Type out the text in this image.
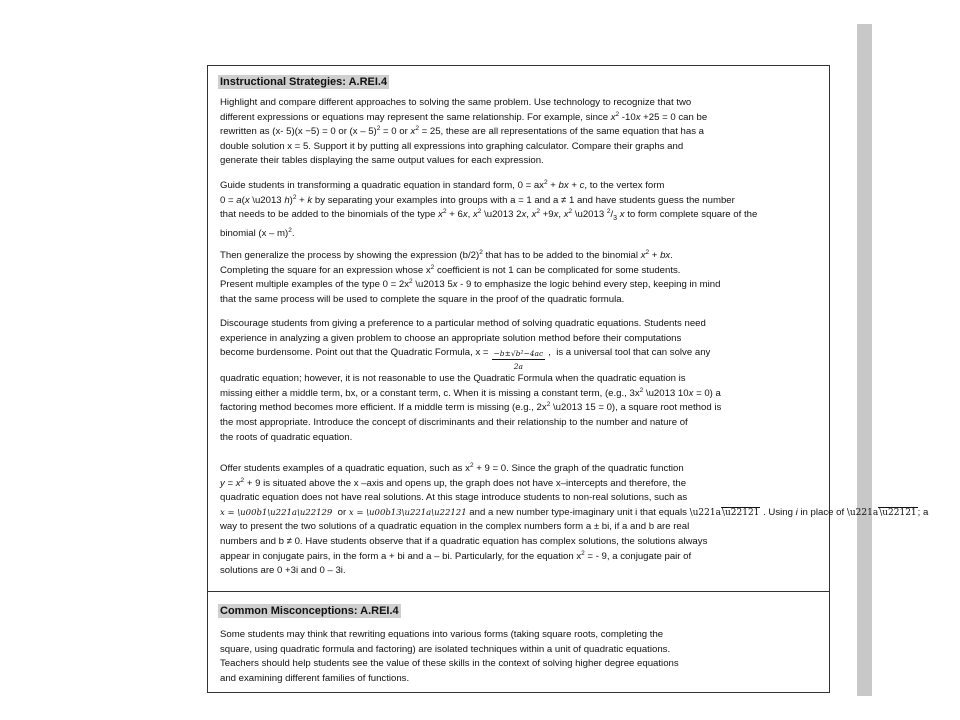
Instructional Strategies: A.REI.4

Highlight and compare different approaches to solving the same problem. Use technology to recognize that two
different expressions or equations may represent the same relationship. For example, since $x^2$ -10x +25 = 0 can be
rewritten as (x- 5)(x −5) = 0 or (x – 5)$^2$ = 0 or $x^2 = 25$, these are all representations of the same equation that has a
double solution x = 5. Support it by putting all expressions into graphing calculator. Compare their graphs and
generate their tables displaying the same output values for each expression.

Guide students in transforming a quadratic equation in standard form, $0 = ax^2$ + bx + c, to the vertex form
0 = a(x \u2013 h)$^2$ + k by separating your examples into groups with a = 1 and a ≠ 1 and have students guess the number
that needs to be added to the binomials of the type $x^2 + 6x$, $x^2$ \u2013 2x, $x^2 +9x$, $x^2$ \u2013 $^2/_3$ x to form complete square of the
binomial (x – m)$^2$.

Then generalize the process by showing the expression $(b/2)^2$ that has to be added to the binomial $x^2$ + bx.
Completing the square for an expression whose $x^2$ coefficient is not 1 can be complicated for some students.
Present multiple examples of the type $0 = 2x^2$ \u2013 5x - 9 to emphasize the logic behind every step, keeping in mind
that the same process will be used to complete the square in the proof of the quadratic formula.

Discourage students from giving a preference to a particular method of solving quadratic equations. Students need
experience in analyzing a given problem to choose an appropriate solution method before their computations
become burdensome. Point out that the Quadratic Formula, $x = \frac{\text{−b±√b²−4ac}}{2a}$ ,  is a universal tool that can solve any
quadratic equation; however, it is not reasonable to use the Quadratic Formula when the quadratic equation is
missing either a middle term, bx, or a constant term, c. When it is missing a constant term, (e.g., $3x^2$ \u2013 10x = 0) a
factoring method becomes more efficient. If a middle term is missing (e.g., $2x^2$ \u2013 15 = 0), a square root method is
the most appropriate. Introduce the concept of discriminants and their relationship to the number and nature of
the roots of quadratic equation.

Offer students examples of a quadratic equation, such as $x^2 + 9 = 0$. Since the graph of the quadratic function
$y = x^2 + 9$ is situated above the x –axis and opens up, the graph does not have x–intercepts and therefore, the
quadratic equation does not have real solutions. At this stage introduce students to non-real solutions, such as
x = \u00b1\u221a\u22129  or x = \u00b13\u221a\u22121 and a new number type-imaginary unit i that equals \u221a\u22121 . Using i in place of \u221a\u22121; a
way to present the two solutions of a quadratic equation in the complex numbers form a ± bi, if a and b are real
numbers and b ≠ 0. Have students observe that if a quadratic equation has complex solutions, the solutions always
appear in conjugate pairs, in the form a + bi and a – bi. Particularly, for the equation $x^2$ = - 9, a conjugate pair of
solutions are 0 +3i and 0 – 3i.

Common Misconceptions: A.REI.4

Some students may think that rewriting equations into various forms (taking square roots, completing the
square, using quadratic formula and factoring) are isolated techniques within a unit of quadratic equations.
Teachers should help students see the value of these skills in the context of solving higher degree equations
and examining different families of functions.
